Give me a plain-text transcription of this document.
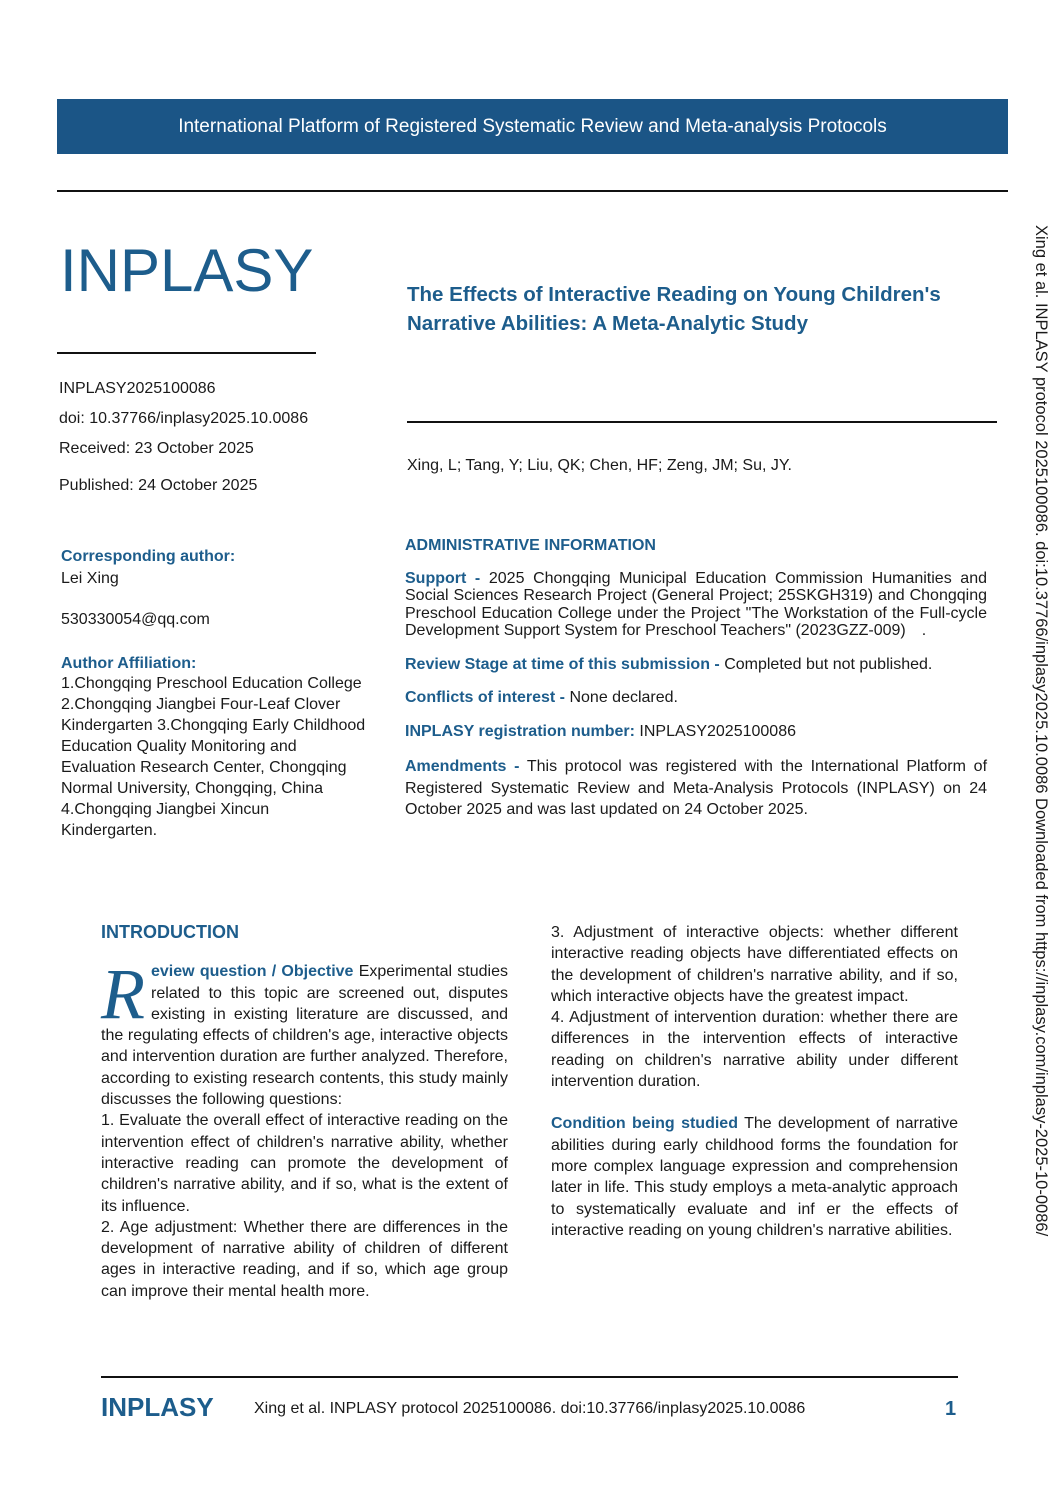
International Platform of Registered Systematic Review and Meta-analysis Protocols
INPLASY	The Effects of Interactive Reading on Young Children's Narrative Abilities: A Meta-Analytic Study
Xing, L; Tang, Y; Liu, QK; Chen, HF; Zeng, JM; Su, JY.
INPLASY2025100086
doi: 10.37766/inplasy2025.10.0086
Received: 23 October 2025
Published: 24 October 2025
Corresponding author:
Lei Xing
530330054@qq.com
Author Affiliation:
1.Chongqing Preschool Education College 2.Chongqing Jiangbei Four-Leaf Clover Kindergarten 3.Chongqing Early Childhood Education Quality Monitoring and Evaluation Research Center, Chongqing Normal University, Chongqing, China 4.Chongqing Jiangbei Xincun Kindergarten.

ADMINISTRATIVE INFORMATION

Support - 2025 Chongqing Municipal Education Commission Humanities and Social Sciences Research Project (General Project; 25SKGH319) and Chongqing Preschool Education College under the Project "The Workstation of the Full-cycle Development Support System for Preschool Teachers" (2023GZZ-009)　.

Review Stage at time of this submission - Completed but not published.

Conflicts of interest - None declared.

INPLASY registration number: INPLASY2025100086

Amendments - This protocol was registered with the International Platform of Registered Systematic Review and Meta-Analysis Protocols (INPLASY) on 24 October 2025 and was last updated on 24 October 2025.

INTRODUCTION

Review question / Objective Experimental studies related to this topic are screened out, disputes existing in existing literature are discussed, and the regulating effects of children's age, interactive objects and intervention duration are further analyzed. Therefore, according to existing research contents, this study mainly discusses the following questions:

1. Evaluate the overall effect of interactive reading on the intervention effect of children's narrative ability, whether interactive reading can promote the development of children's narrative ability, and if so, what is the extent of its influence.

2. Age adjustment: Whether there are differences in the development of narrative ability of children of different ages in interactive reading, and if so, which age group can improve their mental health more.

3. Adjustment of interactive objects: whether different interactive reading objects have differentiated effects on the development of children's narrative ability, and if so, which interactive objects have the greatest impact.

4. Adjustment of intervention duration: whether there are differences in the intervention effects of interactive reading on children's narrative ability under different intervention duration.

Condition being studied The development of narrative abilities during early childhood forms the foundation for more complex language expression and comprehension later in life. This study employs a meta-analytic approach to systematically evaluate and inf er the effects of interactive reading on young children's narrative abilities.	Xing et al. INPLASY protocol 2025100086. doi:10.37766/inplasy2025.10.0086 Downloaded from https://inplasy.com/inplasy-2025-10-0086/
INPLASY	Xing et al. INPLASY protocol 2025100086. doi:10.37766/inplasy2025.10.0086	1
